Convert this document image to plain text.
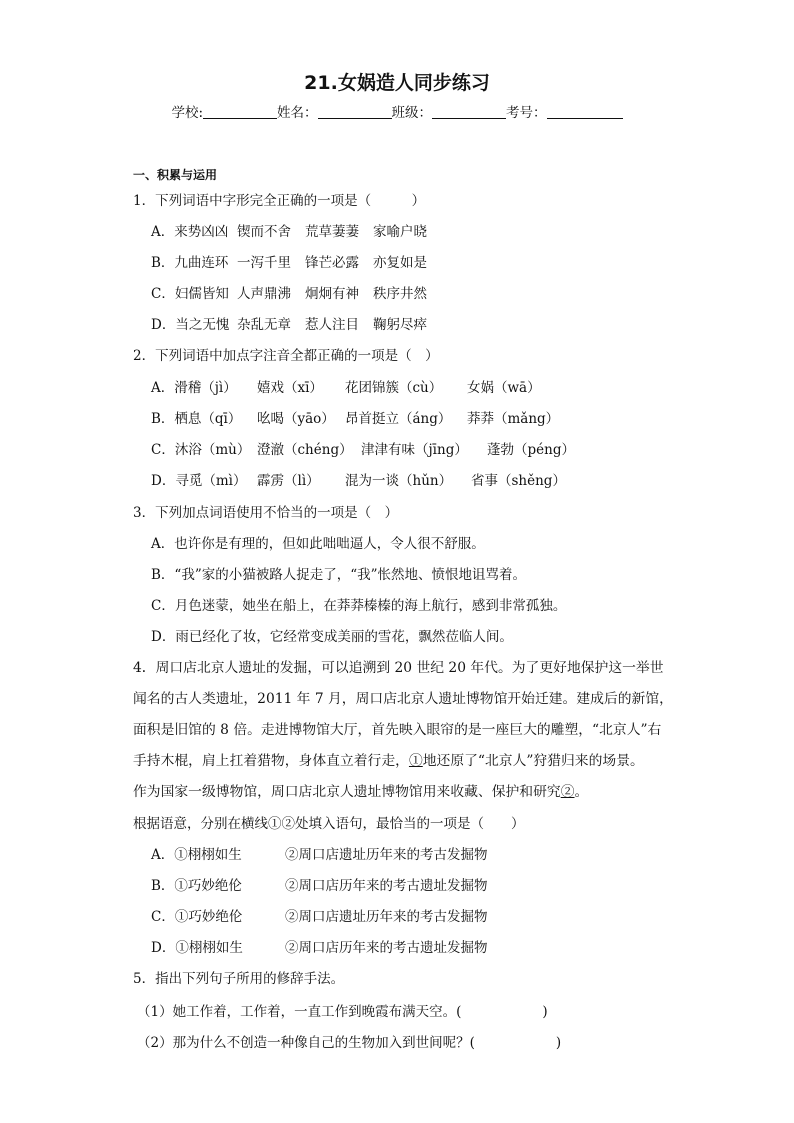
21.女娲造人同步练习
学校:	姓名：	班级：	考号：
一、积累与运用
1．下列词语中字形完全正确的一项是（　　　）
A．来势凶凶 锲而不舍 荒草萋萋 家喻户晓
B．九曲连环 一泻千里 锋芒必露 亦复如是
C．妇儒皆知 人声鼎沸 炯炯有神 秩序井然
D．当之无愧 杂乱无章 惹人注目 鞠躬尽瘁
2．下列词语中加点字注音全都正确的一项是（　）
A．滑稽（jì） 嬉戏（xī） 花团锦簇（cù） 女娲（wā）
B．栖息（qī） 吆喝（yāo） 昂首挺立（áng） 莽莽（mǎng）
C．沐浴（mù） 澄澈（chéng） 津津有味（jīng） 蓬勃（péng）
D．寻觅（mì） 霹雳（lì） 混为一谈（hǔn） 省事（shěng）
3．下列加点词语使用不恰当的一项是（　）
A．也许你是有理的，但如此咄咄逼人，令人很不舒服。
B．“我”家的小猫被路人捉走了，“我”怅然地、愤恨地诅骂着。
C．月色迷蒙，她坐在船上，在莽莽榛榛的海上航行，感到非常孤独。
D．雨已经化了妆，它经常变成美丽的雪花，飘然莅临人间。
4．周口店北京人遗址的发掘，可以追溯到 20 世纪 20 年代。为了更好地保护这一举世
闻名的古人类遗址，2011 年 7 月，周口店北京人遗址博物馆开始迁建。建成后的新馆，
面积是旧馆的 8 倍。走进博物馆大厅，首先映入眼帘的是一座巨大的雕塑，“北京人”右
手持木棍，肩上扛着猎物，身体直立着行走，①地还原了“北京人”狩猎归来的场景。
作为国家一级博物馆，周口店北京人遗址博物馆用来收藏、保护和研究②。
根据语意，分别在横线①②处填入语句，最恰当的一项是（　　）
A．①栩栩如生	②周口店遗址历年来的考古发掘物
B．①巧妙绝伦	②周口店历年来的考古遗址发掘物
C．①巧妙绝伦	②周口店遗址历年来的考古发掘物
D．①栩栩如生	②周口店历年来的考古遗址发掘物
5．指出下列句子所用的修辞手法。
（1）她工作着，工作着，一直工作到晚霞布满天空。(　　　　　　)
（2）那为什么不创造一种像自己的生物加入到世间呢？(　　　　　　)
